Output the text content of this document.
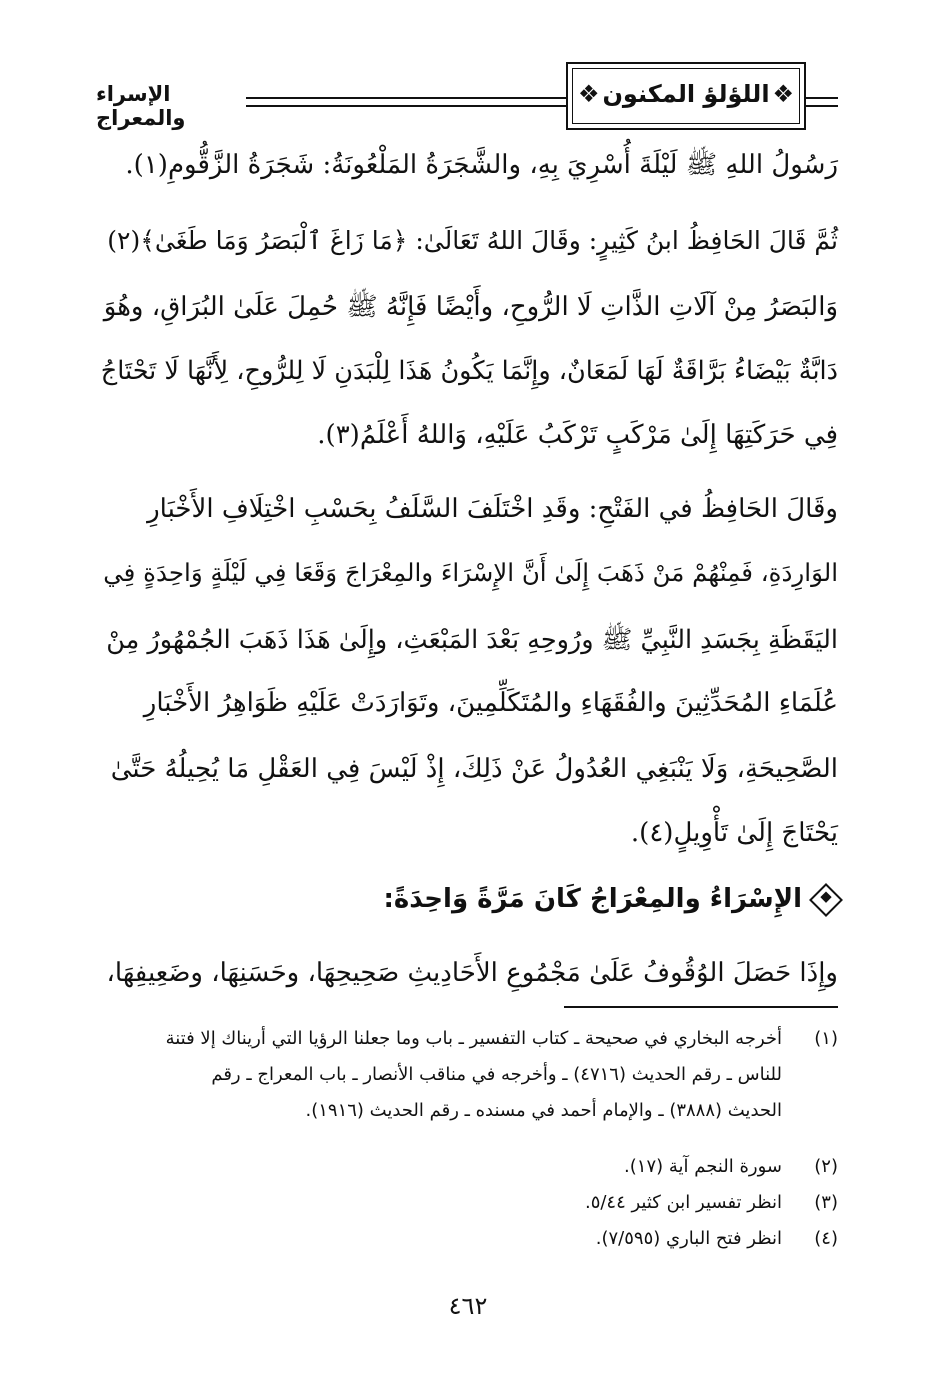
❖ اللؤلؤ المكنون ❖
الإسراء والمعراج
رَسُولُ اللهِ ﷺ لَيْلَةَ أُسْرِيَ بِهِ، والشَّجَرَةُ المَلْعُونَةُ: شَجَرَةُ الزَّقُّومِ(١).
ثُمَّ قَالَ الحَافِظُ ابنُ كَثِيرٍ: وقَالَ اللهُ تَعَالَىٰ: ﴿مَا زَاغَ ٱلْبَصَرُ وَمَا طَغَىٰ﴾(٢)
وَالبَصَرُ مِنْ آلَاتِ الذَّاتِ لَا الرُّوحِ، وأَيْضًا فَإِنَّهُ ﷺ حُمِلَ عَلَىٰ البُرَاقِ، وهُوَ
دَابَّةٌ بَيْضَاءُ بَرَّاقَةٌ لَهَا لَمَعَانٌ، وإِنَّمَا يَكُونُ هَذَا لِلْبَدَنِ لَا لِلرُّوحِ، لِأَنَّهَا لَا تَحْتَاجُ
فِي حَرَكَتِهَا إِلَىٰ مَرْكَبٍ تَرْكَبُ عَلَيْهِ، وَاللهُ أَعْلَمُ(٣).
وقَالَ الحَافِظُ في الفَتْحِ: وقَدِ اخْتَلَفَ السَّلَفُ بِحَسْبِ اخْتِلَافِ الأَخْبَارِ
الوَارِدَةِ، فَمِنْهُمْ مَنْ ذَهَبَ إِلَىٰ أَنَّ الإِسْرَاءَ والمِعْرَاجَ وَقَعَا فِي لَيْلَةٍ وَاحِدَةٍ فِي
اليَقَظَةِ بِجَسَدِ النَّبِيِّ ﷺ ورُوحِهِ بَعْدَ المَبْعَثِ، وإِلَىٰ هَذَا ذَهَبَ الجُمْهُورُ مِنْ
عُلَمَاءِ المُحَدِّثِينَ والفُقَهَاءِ والمُتَكَلِّمِينَ، وتَوَارَدَتْ عَلَيْهِ ظَوَاهِرُ الأَخْبَارِ
الصَّحِيحَةِ، وَلَا يَنْبَغِي العُدُولُ عَنْ ذَلِكَ، إِذْ لَيْسَ فِي العَقْلِ مَا يُحِيلُهُ حَتَّىٰ
يَحْتَاجَ إِلَىٰ تَأْوِيلٍ(٤).
الإِسْرَاءُ والمِعْرَاجُ كَانَ مَرَّةً وَاحِدَةً:
وإِذَا حَصَلَ الوُقُوفُ عَلَىٰ مَجْمُوعِ الأَحَادِيثِ صَحِيحِهَا، وحَسَنِهَا، وضَعِيفِهَا،
(١)
أخرجه البخاري في صحيحة ـ كتاب التفسير ـ باب وما جعلنا الرؤيا التي أريناك إلا فتنة
للناس ـ رقم الحديث (٤٧١٦) ـ وأخرجه في مناقب الأنصار ـ باب المعراج ـ رقم
الحديث (٣٨٨٨) ـ والإمام أحمد في مسنده ـ رقم الحديث (١٩١٦).
(٢)
سورة النجم آية (١٧).
(٣)
انظر تفسير ابن كثير ٥/٤٤.
(٤)
انظر فتح الباري (٧/٥٩٥).
٤٦٢
